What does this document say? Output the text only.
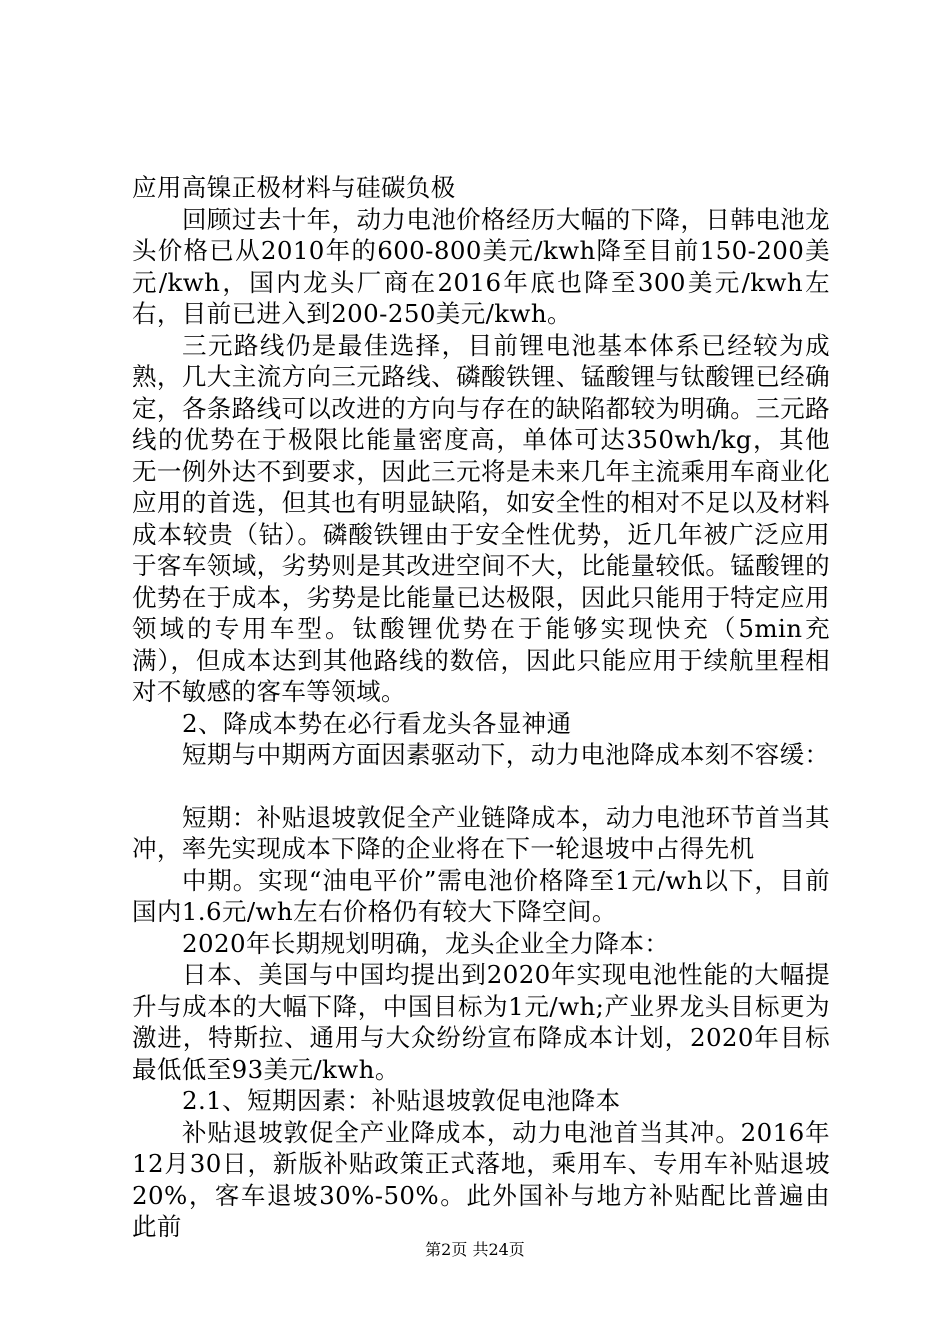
应用高镍正极材料与硅碳负极

回顾过去十年，动力电池价格经历大幅的下降，日韩电池龙头价格已从2010年的600-800美元/kwh降至目前150-200美元/kwh，国内龙头厂商在2016年底也降至300美元/kwh左右，目前已进入到200-250美元/kwh。

三元路线仍是最佳选择，目前锂电池基本体系已经较为成熟，几大主流方向三元路线、磷酸铁锂、锰酸锂与钛酸锂已经确定，各条路线可以改进的方向与存在的缺陷都较为明确。三元路线的优势在于极限比能量密度高，单体可达350wh/kg，其他无一例外达不到要求，因此三元将是未来几年主流乘用车商业化应用的首选，但其也有明显缺陷，如安全性的相对不足以及材料成本较贵（钴）。磷酸铁锂由于安全性优势，近几年被广泛应用于客车领域，劣势则是其改进空间不大，比能量较低。锰酸锂的优势在于成本，劣势是比能量已达极限，因此只能用于特定应用领域的专用车型。钛酸锂优势在于能够实现快充（5min充满），但成本达到其他路线的数倍，因此只能应用于续航里程相对不敏感的客车等领域。

2、降成本势在必行看龙头各显神通

短期与中期两方面因素驱动下，动力电池降成本刻不容缓：

短期：补贴退坡敦促全产业链降成本，动力电池环节首当其冲，率先实现成本下降的企业将在下一轮退坡中占得先机

中期。实现“油电平价”需电池价格降至1元/wh以下，目前国内1.6元/wh左右价格仍有较大下降空间。

2020年长期规划明确，龙头企业全力降本：

日本、美国与中国均提出到2020年实现电池性能的大幅提升与成本的大幅下降，中国目标为1元/wh;产业界龙头目标更为激进，特斯拉、通用与大众纷纷宣布降成本计划，2020年目标最低低至93美元/kwh。

2.1、短期因素：补贴退坡敦促电池降本

补贴退坡敦促全产业降成本，动力电池首当其冲。2016年12月30日，新版补贴政策正式落地，乘用车、专用车补贴退坡20%，客车退坡30%-50%。此外国补与地方补贴配比普遍由此前

第2页 共24页
